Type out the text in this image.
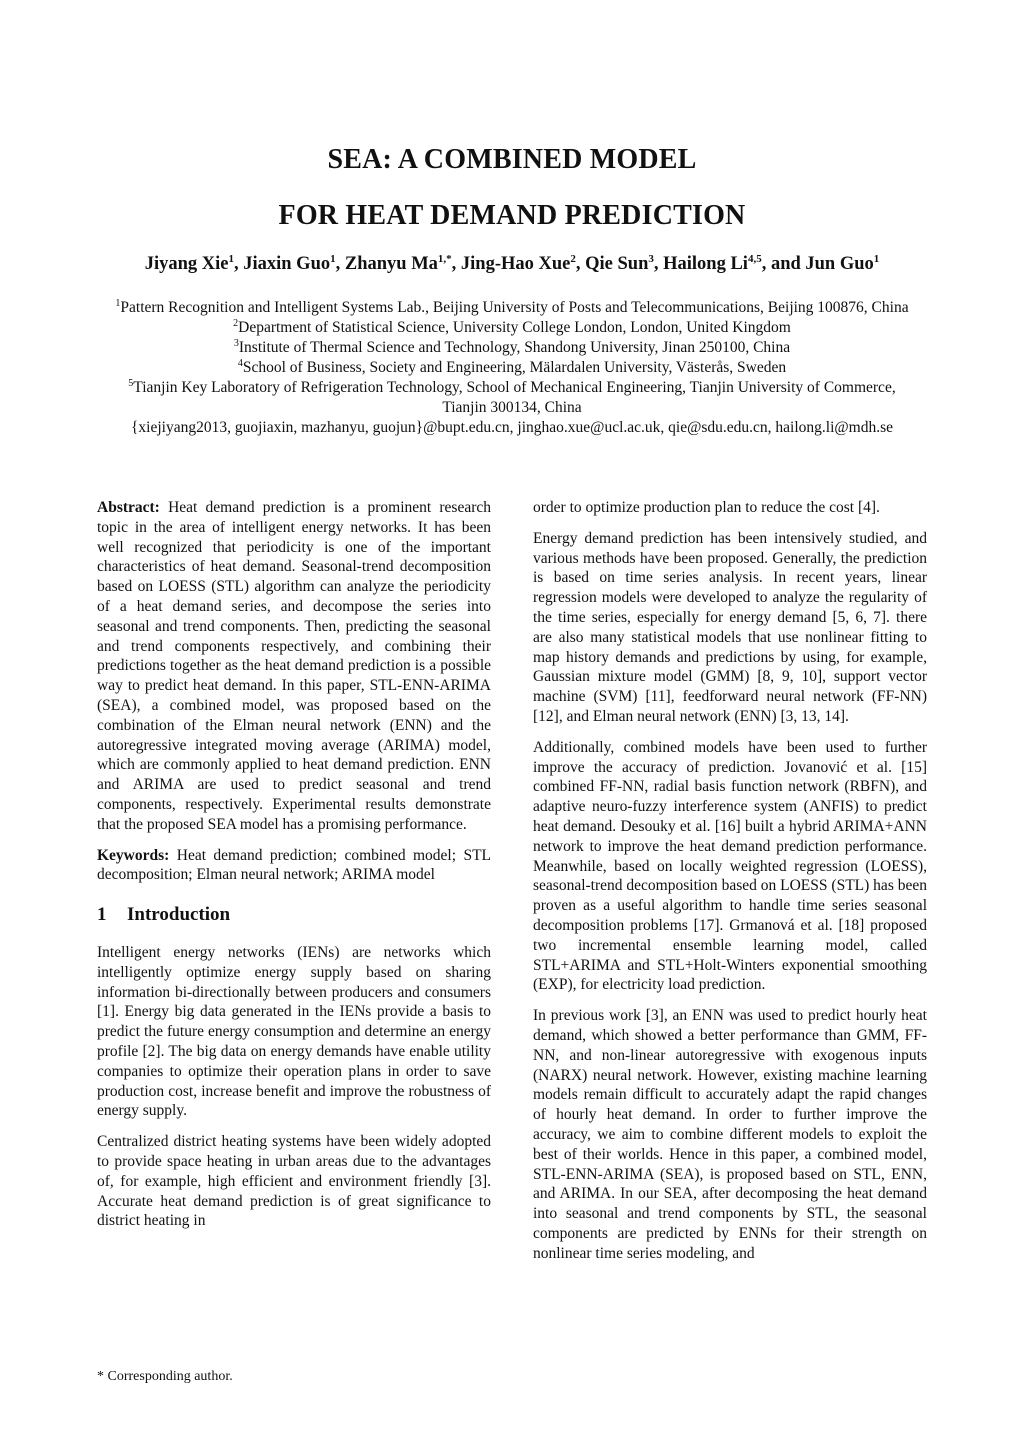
SEA: A COMBINED MODEL
FOR HEAT DEMAND PREDICTION
Jiyang Xie$^1$, Jiaxin Guo$^1$, Zhanyu $Ma^{1,*}$, Jing-Hao Xue$^2$, Qie Sun$^3$, Hailong Li$^{4,5}$, and Jun Guo$^1$
$^1$Pattern Recognition and Intelligent Systems Lab., Beijing University of Posts and Telecommunications, Beijing 100876, China
$^2$Department of Statistical Science, University College London, London, United Kingdom
$^3$Institute of Thermal Science and Technology, Shandong University, Jinan 250100, China
$^4$School of Business, Society and Engineering, Mälardalen University, Västerås, Sweden
$^5$Tianjin Key Laboratory of Refrigeration Technology, School of Mechanical Engineering, Tianjin University of Commerce, Tianjin 300134, China
{xiejiyang2013, guojiaxin, mazhanyu, guojun}@bupt.edu.cn, jinghao.xue@ucl.ac.uk, qie@sdu.edu.cn, hailong.li@mdh.se

Abstract: Heat demand prediction is a prominent research topic in the area of intelligent energy networks. It has been well recognized that periodicity is one of the important characteristics of heat demand. Seasonal-trend decomposition based on LOESS (STL) algorithm can analyze the periodicity of a heat demand series, and decompose the series into seasonal and trend components. Then, predicting the seasonal and trend components respectively, and combining their predictions together as the heat demand prediction is a possible way to predict heat demand. In this paper, STL-ENN-ARIMA (SEA), a combined model, was proposed based on the combination of the Elman neural network (ENN) and the autoregressive integrated moving average (ARIMA) model, which are commonly applied to heat demand prediction. ENN and ARIMA are used to predict seasonal and trend components, respectively. Experimental results demonstrate that the proposed SEA model has a promising performance.

Keywords: Heat demand prediction; combined model; STL decomposition; Elman neural network; ARIMA model

1 Introduction

Intelligent energy networks (IENs) are networks which intelligently optimize energy supply based on sharing information bi-directionally between producers and consumers [1]. Energy big data generated in the IENs provide a basis to predict the future energy consumption and determine an energy profile [2]. The big data on energy demands have enable utility companies to optimize their operation plans in order to save production cost, increase benefit and improve the robustness of energy supply.

Centralized district heating systems have been widely adopted to provide space heating in urban areas due to the advantages of, for example, high efficient and environment friendly [3]. Accurate heat demand prediction is of great significance to district heating in

order to optimize production plan to reduce the cost [4].

Energy demand prediction has been intensively studied, and various methods have been proposed. Generally, the prediction is based on time series analysis. In recent years, linear regression models were developed to analyze the regularity of the time series, especially for energy demand [5, 6, 7]. there are also many statistical models that use nonlinear fitting to map history demands and predictions by using, for example, Gaussian mixture model (GMM) [8, 9, 10], support vector machine (SVM) [11], feedforward neural network (FF-NN) [12], and Elman neural network (ENN) [3, 13, 14].

Additionally, combined models have been used to further improve the accuracy of prediction. Jovanović et al. [15] combined FF-NN, radial basis function network (RBFN), and adaptive neuro-fuzzy interference system (ANFIS) to predict heat demand. Desouky et al. [16] built a hybrid ARIMA+ANN network to improve the heat demand prediction performance. Meanwhile, based on locally weighted regression (LOESS), seasonal-trend decomposition based on LOESS (STL) has been proven as a useful algorithm to handle time series seasonal decomposition problems [17]. Grmanová et al. [18] proposed two incremental ensemble learning model, called STL+ARIMA and STL+Holt-Winters exponential smoothing (EXP), for electricity load prediction.

In previous work [3], an ENN was used to predict hourly heat demand, which showed a better performance than GMM, FF-NN, and non-linear autoregressive with exogenous inputs (NARX) neural network. However, existing machine learning models remain difficult to accurately adapt the rapid changes of hourly heat demand. In order to further improve the accuracy, we aim to combine different models to exploit the best of their worlds. Hence in this paper, a combined model, STL-ENN-ARIMA (SEA), is proposed based on STL, ENN, and ARIMA. In our SEA, after decomposing the heat demand into seasonal and trend components by STL, the seasonal components are predicted by ENNs for their strength on nonlinear time series modeling, and

* Corresponding author.
